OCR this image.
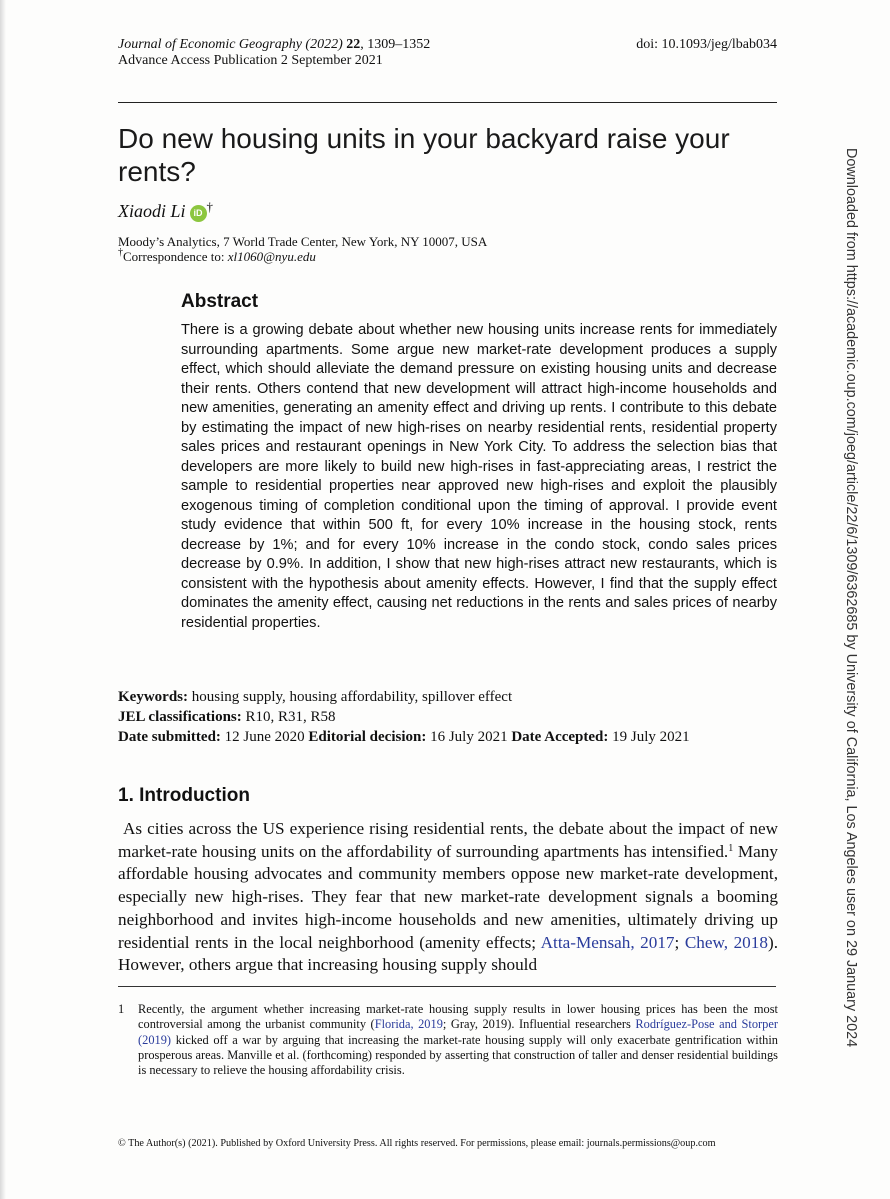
Journal of Economic Geography (2022) 22, 1309–1352
Advance Access Publication 2 September 2021
doi: 10.1093/jeg/lbab034
Do new housing units in your backyard raise your rents?
Xiaodi Li iD †
Moody’s Analytics, 7 World Trade Center, New York, NY 10007, USA
†Correspondence to: xl1060@nyu.edu
Abstract
There is a growing debate about whether new housing units increase rents for immediately surrounding apartments. Some argue new market-rate development produces a supply effect, which should alleviate the demand pressure on existing housing units and decrease their rents. Others contend that new development will attract high-income households and new amenities, generating an amenity effect and driving up rents. I contribute to this debate by estimating the impact of new high-rises on nearby residential rents, residential property sales prices and restaurant openings in New York City. To address the selection bias that developers are more likely to build new high-rises in fast-appreciating areas, I restrict the sample to residential properties near approved new high-rises and exploit the plausibly exogenous timing of completion conditional upon the timing of approval. I provide event study evidence that within 500 ft, for every 10% increase in the housing stock, rents decrease by 1%; and for every 10% increase in the condo stock, condo sales prices decrease by 0.9%. In addition, I show that new high-rises attract new restaurants, which is consistent with the hypothesis about amenity effects. However, I find that the supply effect dominates the amenity effect, causing net reductions in the rents and sales prices of nearby residential properties.
Keywords: housing supply, housing affordability, spillover effect
JEL classifications: R10, R31, R58
Date submitted: 12 June 2020 Editorial decision: 16 July 2021 Date Accepted: 19 July 2021
1. Introduction
As cities across the US experience rising residential rents, the debate about the impact of new market-rate housing units on the affordability of surrounding apartments has intensified.$^1$ Many affordable housing advocates and community members oppose new market-rate development, especially new high-rises. They fear that new market-rate development signals a booming neighborhood and invites high-income households and new amenities, ultimately driving up residential rents in the local neighborhood (amenity effects; Atta-Mensah, 2017; Chew, 2018). However, others argue that increasing housing supply should
1 Recently, the argument whether increasing market-rate housing supply results in lower housing prices has been the most controversial among the urbanist community (Florida, 2019; Gray, 2019). Influential researchers Rodríguez-Pose and Storper (2019) kicked off a war by arguing that increasing the market-rate housing supply will only exacerbate gentrification within prosperous areas. Manville et al. (forthcoming) responded by asserting that construction of taller and denser residential buildings is necessary to relieve the housing affordability crisis.
© The Author(s) (2021). Published by Oxford University Press. All rights reserved. For permissions, please email: journals.permissions@oup.com
Downloaded from https://academic.oup.com/joeg/article/22/6/1309/6362685 by University of California, Los Angeles user on 29 January 2024
